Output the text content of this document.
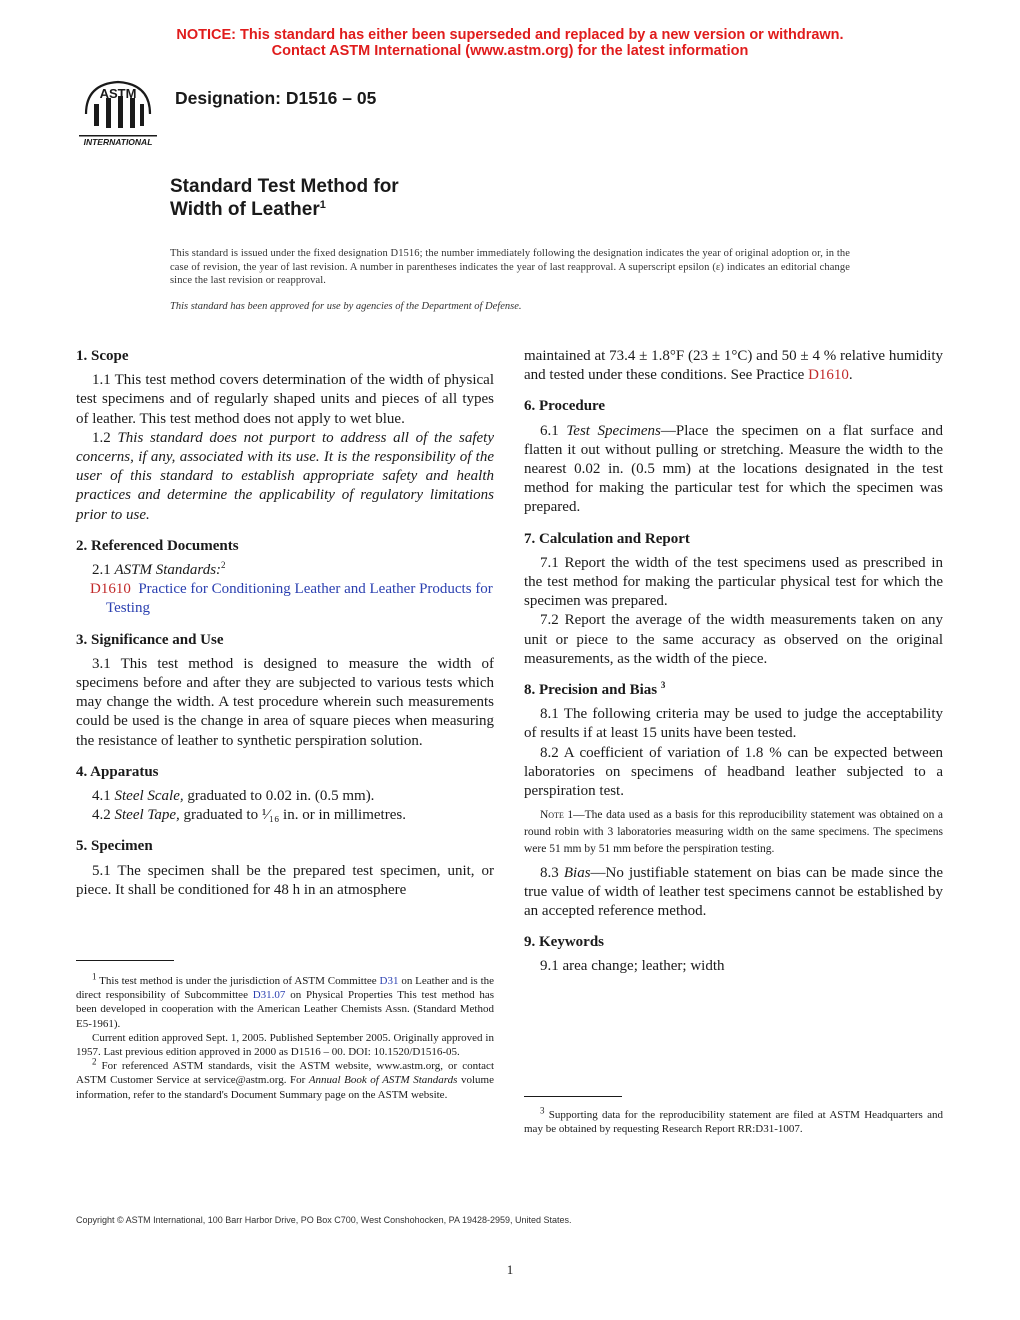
NOTICE: This standard has either been superseded and replaced by a new version or withdrawn.
Contact ASTM International (www.astm.org) for the latest information
ASTM
INTERNATIONAL
Designation: D1516 – 05
Standard Test Method for
Width of Leather$^1$
This standard is issued under the fixed designation D1516; the number immediately following the designation indicates the year of original adoption or, in the case of revision, the year of last revision. A number in parentheses indicates the year of last reapproval. A superscript epsilon (ε) indicates an editorial change since the last revision or reapproval.
This standard has been approved for use by agencies of the Department of Defense.

1. Scope

1.1 This test method covers determination of the width of physical test specimens and of regularly shaped units and pieces of all types of leather. This test method does not apply to wet blue.

1.2 This standard does not purport to address all of the safety concerns, if any, associated with its use. It is the responsibility of the user of this standard to establish appropriate safety and health practices and determine the applicability of regulatory limitations prior to use.

2. Referenced Documents

2.1 ASTM Standards:$^2$

D1610 Practice for Conditioning Leather and Leather Products for Testing

3. Significance and Use

3.1 This test method is designed to measure the width of specimens before and after they are subjected to various tests which may change the width. A test procedure wherein such measurements could be used is the change in area of square pieces when measuring the resistance of leather to synthetic perspiration solution.

4. Apparatus

4.1 Steel Scale, graduated to 0.02 in. (0.5 mm).

4.2 Steel Tape, graduated to ¹⁄₁₆ in. or in millimetres.

5. Specimen

5.1 The specimen shall be the prepared test specimen, unit, or piece. It shall be conditioned for 48 h in an atmosphere

$^1$ This test method is under the jurisdiction of ASTM Committee D31 on Leather and is the direct responsibility of Subcommittee D31.07 on Physical Properties This test method has been developed in cooperation with the American Leather Chemists Assn. (Standard Method E5-1961).

Current edition approved Sept. 1, 2005. Published September 2005. Originally approved in 1957. Last previous edition approved in 2000 as D1516 – 00. DOI: 10.1520/D1516-05.

$^2$ For referenced ASTM standards, visit the ASTM website, www.astm.org, or contact ASTM Customer Service at service@astm.org. For Annual Book of ASTM Standards volume information, refer to the standard's Document Summary page on the ASTM website.

maintained at 73.4 ± 1.8°F (23 ± 1°C) and 50 ± 4 % relative humidity and tested under these conditions. See Practice D1610.

6. Procedure

6.1 Test Specimens—Place the specimen on a flat surface and flatten it out without pulling or stretching. Measure the width to the nearest 0.02 in. (0.5 mm) at the locations designated in the test method for making the particular test for which the specimen was prepared.

7. Calculation and Report

7.1 Report the width of the test specimens used as prescribed in the test method for making the particular physical test for which the specimen was prepared.

7.2 Report the average of the width measurements taken on any unit or piece to the same accuracy as observed on the original measurements, as the width of the piece.

8. Precision and Bias $^3$

8.1 The following criteria may be used to judge the acceptability of results if at least 15 units have been tested.

8.2 A coefficient of variation of 1.8 % can be expected between laboratories on specimens of headband leather subjected to a perspiration test.

Note 1—The data used as a basis for this reproducibility statement was obtained on a round robin with 3 laboratories measuring width on the same specimens. The specimens were 51 mm by 51 mm before the perspiration testing.

8.3 Bias—No justifiable statement on bias can be made since the true value of width of leather test specimens cannot be established by an accepted reference method.

9. Keywords

9.1 area change; leather; width

$^3$ Supporting data for the reproducibility statement are filed at ASTM Headquarters and may be obtained by requesting Research Report RR:D31-1007.

Copyright © ASTM International, 100 Barr Harbor Drive, PO Box C700, West Conshohocken, PA 19428-2959, United States.
1
